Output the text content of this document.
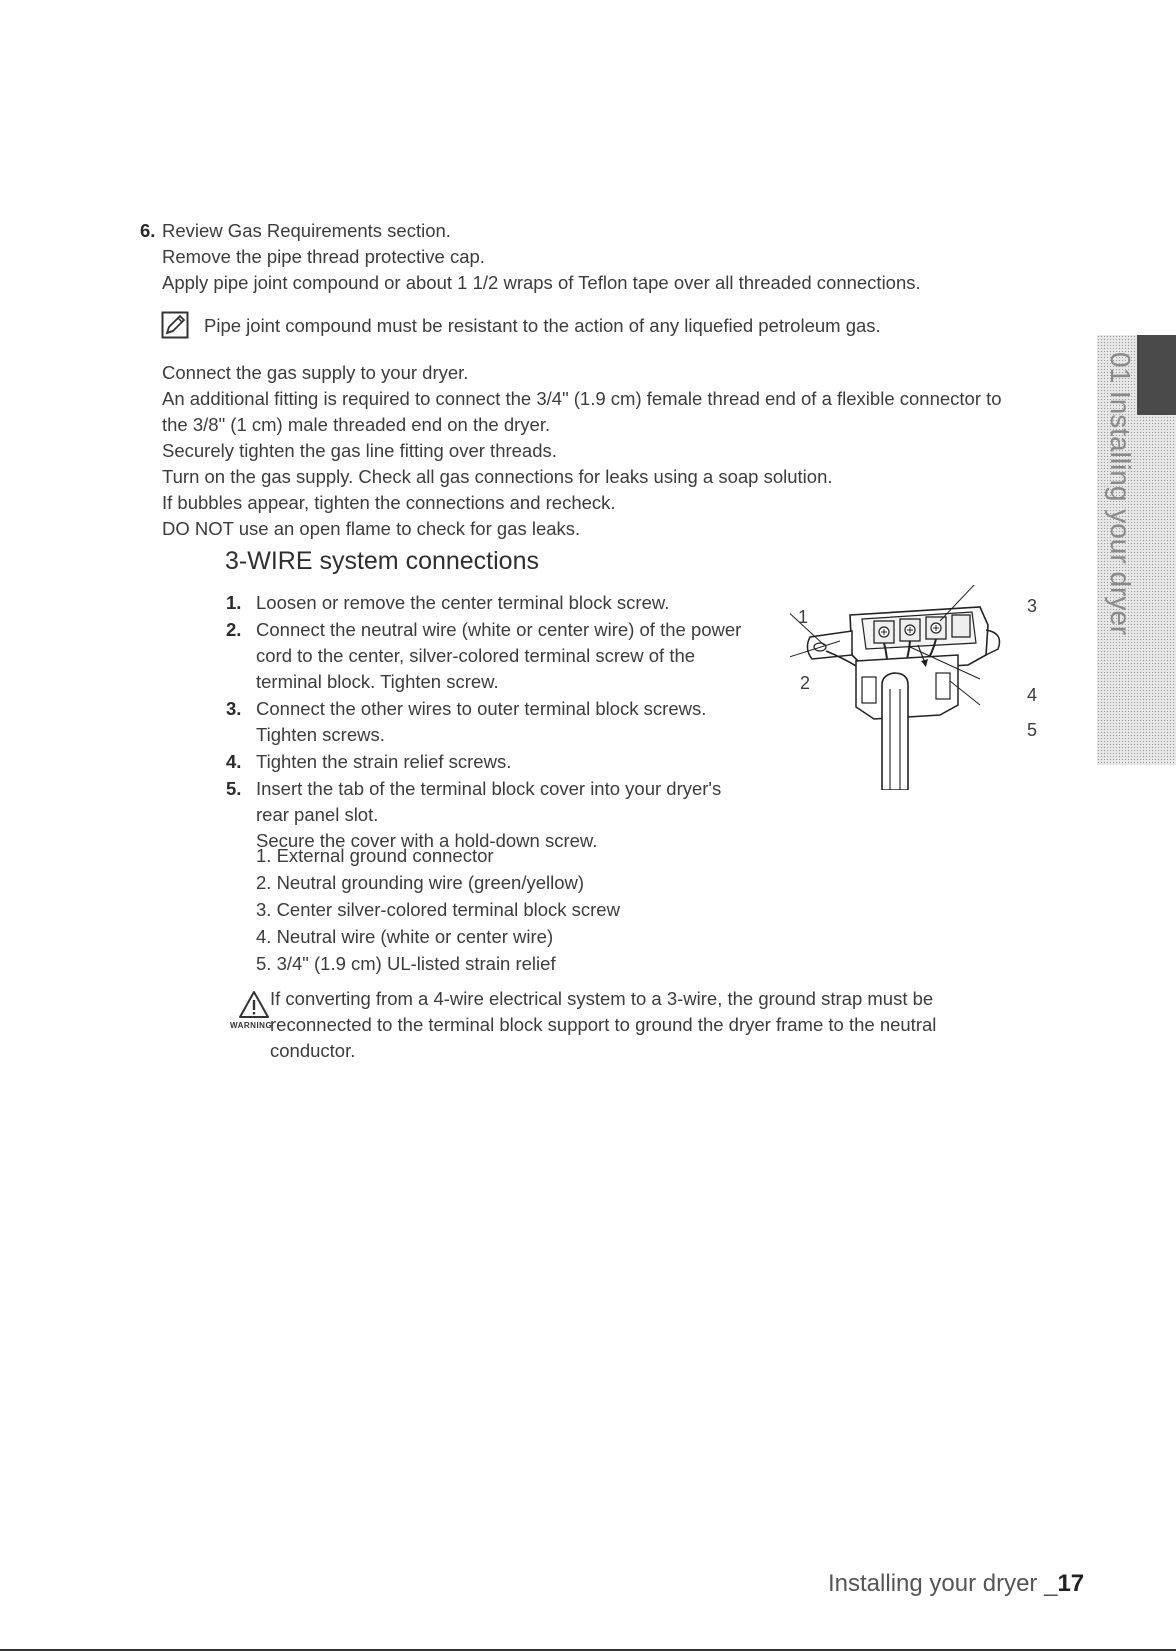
6. Review Gas Requirements section.
Remove the pipe thread protective cap.
Apply pipe joint compound or about 1 1/2 wraps of Teflon tape over all threaded connections.
Pipe joint compound must be resistant to the action of any liquefied petroleum gas.
Connect the gas supply to your dryer.
An additional fitting is required to connect the 3/4" (1.9 cm) female thread end of a flexible connector to
the 3/8" (1 cm) male threaded end on the dryer.
Securely tighten the gas line fitting over threads.
Turn on the gas supply. Check all gas connections for leaks using a soap solution.
If bubbles appear, tighten the connections and recheck.
DO NOT use an open flame to check for gas leaks.
3-WIRE system connections
1. Loosen or remove the center terminal block screw.
2. Connect the neutral wire (white or center wire) of the power
cord to the center, silver-colored terminal screw of the
terminal block. Tighten screw.
3. Connect the other wires to outer terminal block screws.
Tighten screws.
4. Tighten the strain relief screws.
5. Insert the tab of the terminal block cover into your dryer's
rear panel slot.
Secure the cover with a hold-down screw.
1. External ground connector
2. Neutral grounding wire (green/yellow)
3. Center silver-colored terminal block screw
4. Neutral wire (white or center wire)
5. 3/4" (1.9 cm) UL-listed strain relief
WARNING
If converting from a 4-wire electrical system to a 3-wire, the ground strap must be
reconnected to the terminal block support to ground the dryer frame to the neutral
conductor.
1
2
3
4
5
01 Installing your dryer
Installing your dryer _17
